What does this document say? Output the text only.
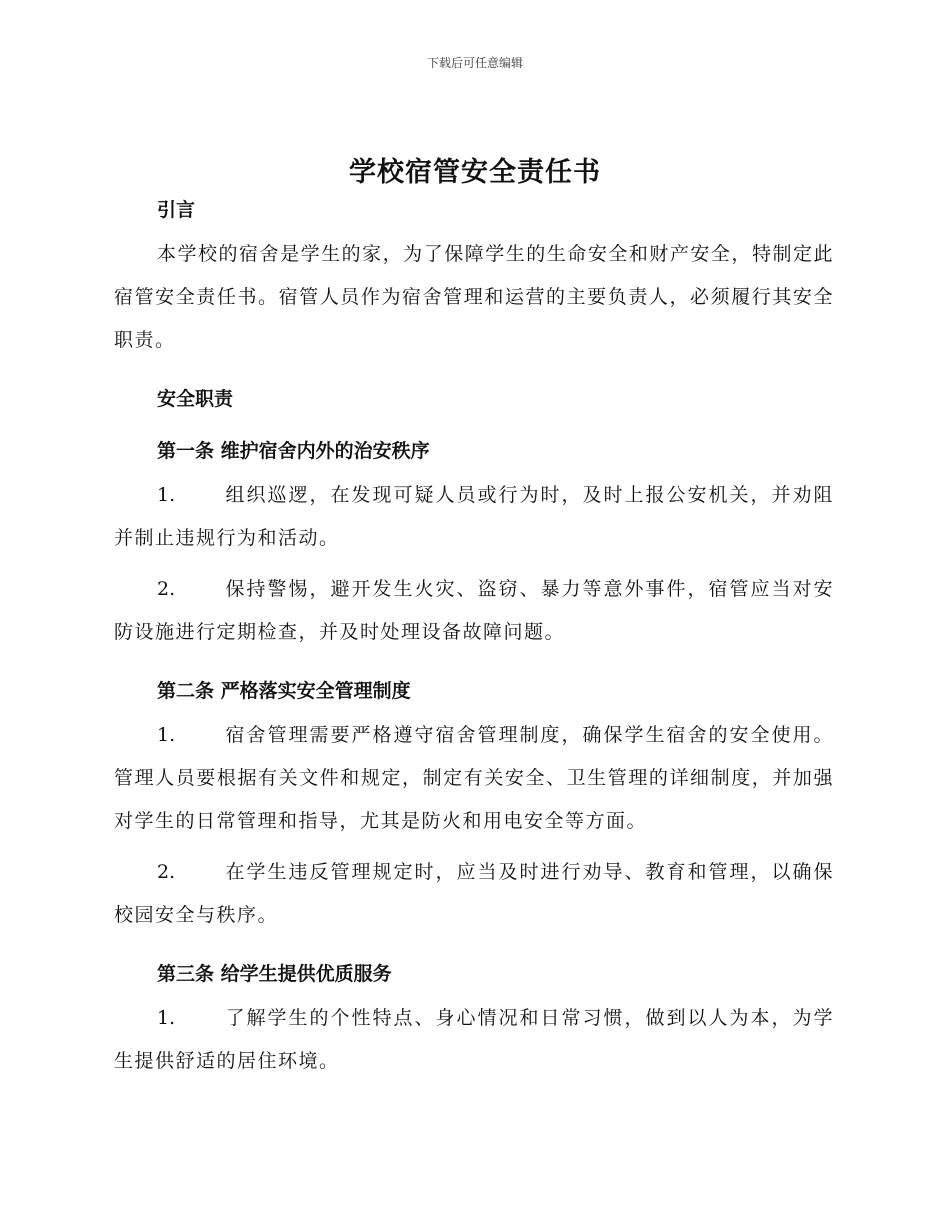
下载后可任意编辑
学校宿管安全责任书

引言

本学校的宿舍是学生的家，为了保障学生的生命安全和财产安全，特制定此宿管安全责任书。宿管人员作为宿舍管理和运营的主要负责人，必须履行其安全职责。

安全职责

第一条 维护宿舍内外的治安秩序

1.	组织巡逻，在发现可疑人员或行为时，及时上报公安机关，并劝阻并制止违规行为和活动。

2.	保持警惕，避开发生火灾、盗窃、暴力等意外事件，宿管应当对安防设施进行定期检查，并及时处理设备故障问题。

第二条 严格落实安全管理制度

1.	宿舍管理需要严格遵守宿舍管理制度，确保学生宿舍的安全使用。管理人员要根据有关文件和规定，制定有关安全、卫生管理的详细制度，并加强对学生的日常管理和指导，尤其是防火和用电安全等方面。

2.	在学生违反管理规定时，应当及时进行劝导、教育和管理，以确保校园安全与秩序。

第三条 给学生提供优质服务

1.	了解学生的个性特点、身心情况和日常习惯，做到以人为本，为学生提供舒适的居住环境。
